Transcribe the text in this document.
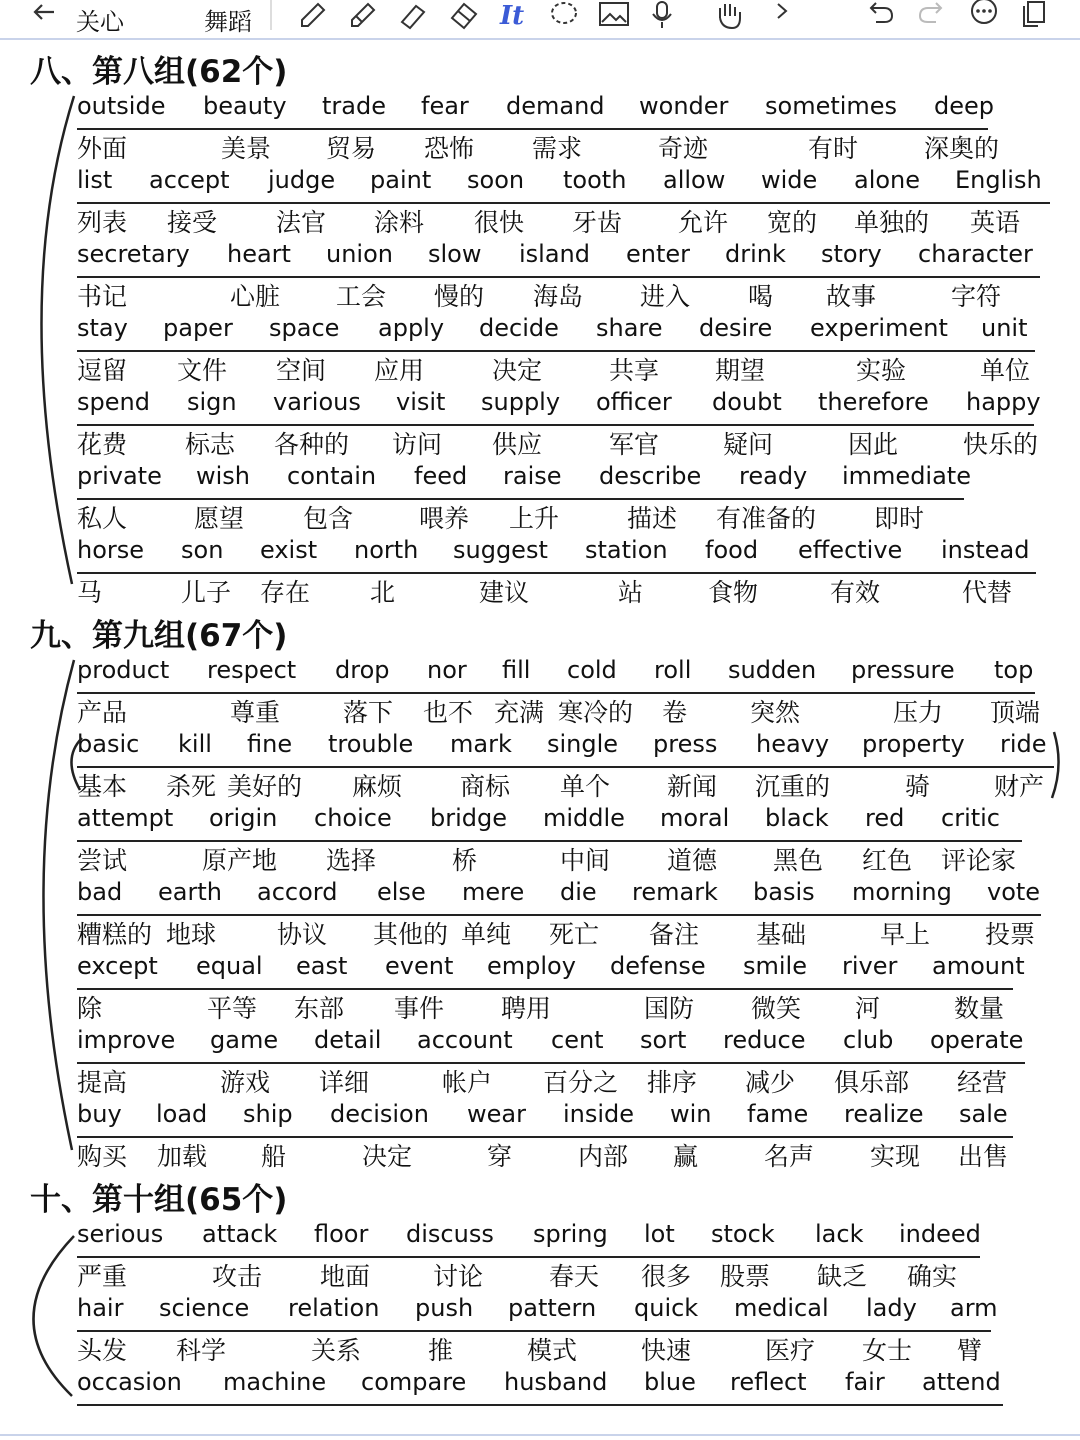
关心	舞蹈	It
八、第八组(62个)
outside beauty trade fear demand wonder sometimes deep
外面	美景 贸易 恐怖 需求	奇迹	有时	深奥的
list accept judge paint soon tooth allow wide alone English
列表 接受 法官 涂料 很快 牙齿 允许 宽的 单独的 英语
secretary heart union slow island enter drink story character
书记	心脏 工会 慢的 海岛 进入 喝 故事	字符
stay paper space apply decide share desire experiment unit
逗留 文件 空间 应用	决定	共享 期望	实验	单位
spend sign various visit supply officer doubt therefore happy
花费 标志 各种的 访问 供应	军官	疑问	因此	快乐的
private wish contain feed raise describe ready immediate
私人	愿望 包含	喂养 上升	描述 有准备的 即时
horse son exist north suggest station food effective instead
马	儿子 存在 北	建议	站	食物	有效	代替
九、第九组(67个)
product respect drop nor fill cold roll sudden pressure top
产品	尊重	落下 也不 充满 寒冷的 卷	突然	压力 顶端
basic kill fine trouble mark single press heavy property ride
基本 杀死 美好的 麻烦 商标 单个 新闻 沉重的	骑	财产
attempt origin choice bridge middle moral black red critic
尝试	原产地 选择	桥	中间 道德 黑色 红色 评论家
bad earth accord else mere die remark basis morning vote
糟糕的 地球 协议 其他的 单纯 死亡 备注 基础	早上 投票
except equal east event employ defense smile river amount
除	平等 东部 事件 聘用	国防 微笑 河	数量
improve game detail account cent sort reduce club operate
提高	游戏 详细	帐户 百分之 排序 减少 俱乐部 经营
buy load ship decision wear inside win fame realize sale
购买 加载 船	决定	穿	内部 赢	名声 实现 出售
十、第十组(65个)
serious attack floor discuss spring lot stock lack indeed
严重	攻击 地面	讨论	春天 很多 股票 缺乏 确实
hair science relation push pattern quick medical lady arm
头发 科学	关系	推	模式	快速	医疗 女士 臂
occasion machine compare husband blue reflect fair attend
